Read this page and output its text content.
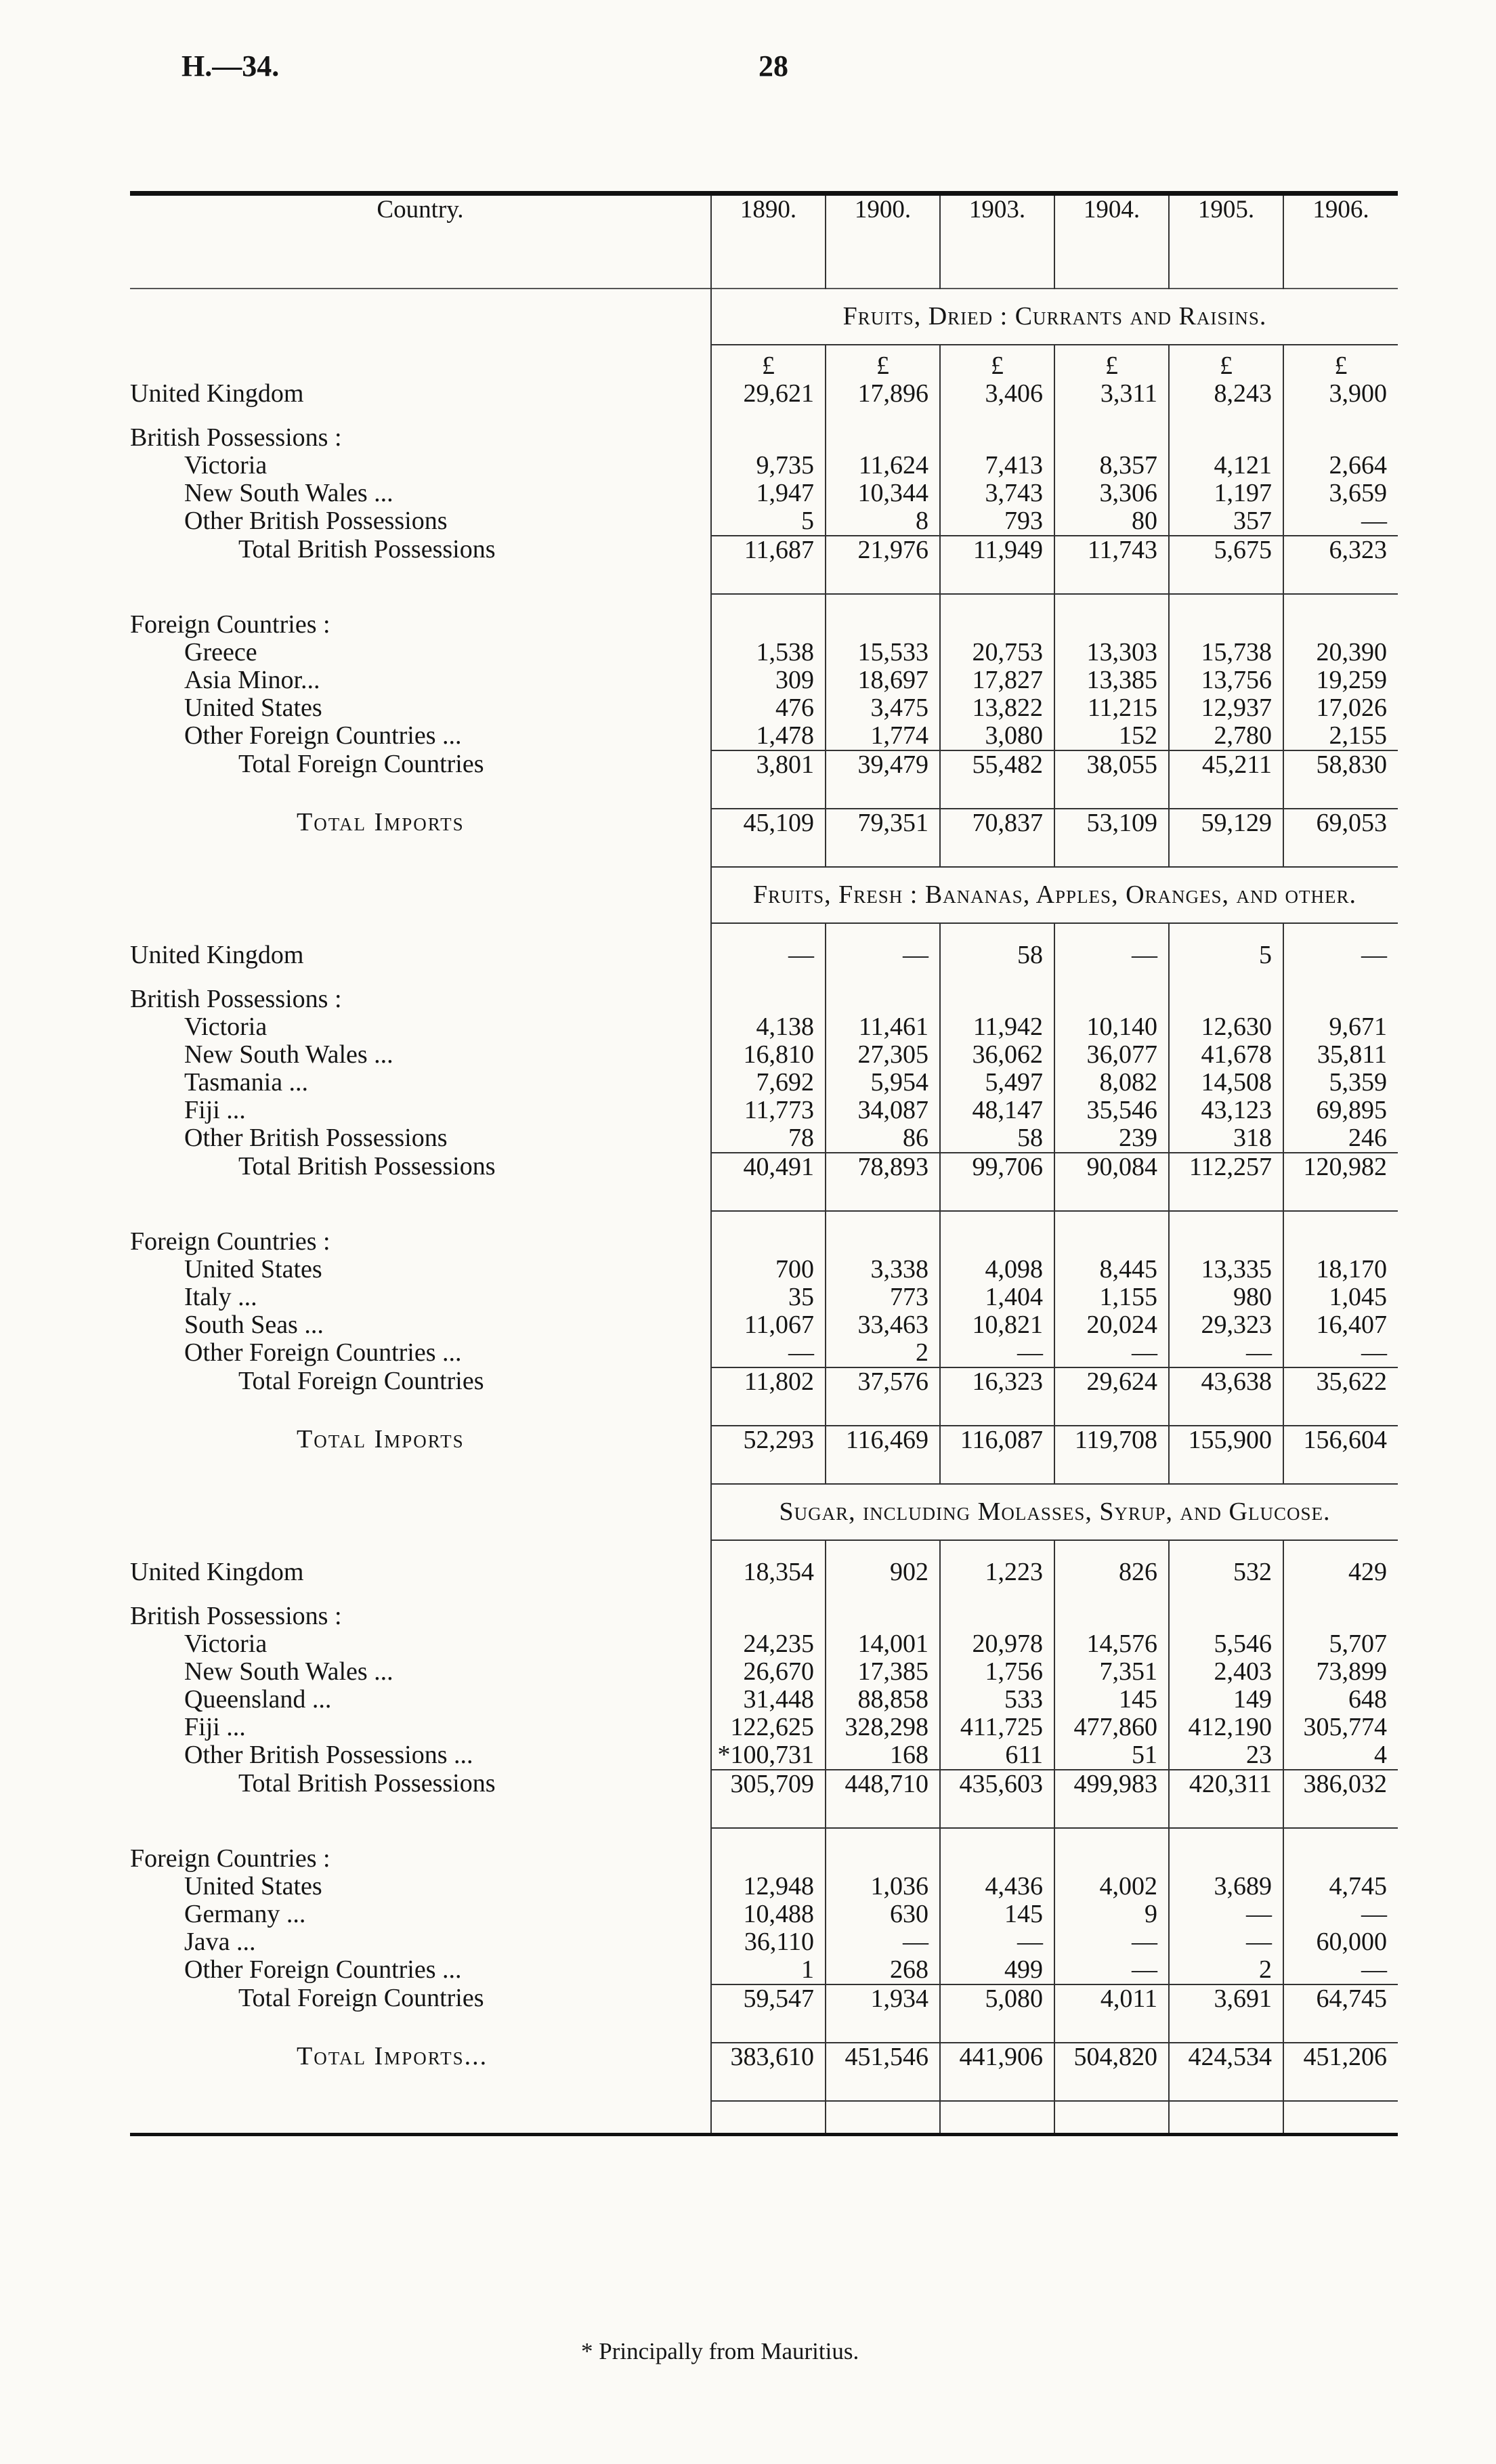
H.—34.	28
Country.	1890.	1900.	1903.	1904.	1905.	1906.
	Fruits, Dried : Currants and Raisins.					
	£	£	£	£	£	£
United Kingdom	29,621	17,896	3,406	3,311	8,243	3,900

British Possessions :						
Victoria	9,735	11,624	7,413	8,357	4,121	2,664
New South Wales ...	1,947	10,344	3,743	3,306	1,197	3,659
Other British Possessions	5	8	793	80	357	—
Total British Possessions	11,687	21,976	11,949	11,743	5,675	6,323

Foreign Countries :						
Greece	1,538	15,533	20,753	13,303	15,738	20,390
Asia Minor...	309	18,697	17,827	13,385	13,756	19,259
United States	476	3,475	13,822	11,215	12,937	17,026
Other Foreign Countries ...	1,478	1,774	3,080	152	2,780	2,155
Total Foreign Countries	3,801	39,479	55,482	38,055	45,211	58,830
Total Imports	45,109	79,351	70,837	53,109	59,129	69,053
	Fruits, Fresh : Bananas, Apples, Oranges, and other.					

United Kingdom	—	—	58	—	5	—

British Possessions :						
Victoria	4,138	11,461	11,942	10,140	12,630	9,671
New South Wales ...	16,810	27,305	36,062	36,077	41,678	35,811
Tasmania ...	7,692	5,954	5,497	8,082	14,508	5,359
Fiji ...	11,773	34,087	48,147	35,546	43,123	69,895
Other British Possessions	78	86	58	239	318	246
Total British Possessions	40,491	78,893	99,706	90,084	112,257	120,982

Foreign Countries :						
United States	700	3,338	4,098	8,445	13,335	18,170
Italy ...	35	773	1,404	1,155	980	1,045
South Seas ...	11,067	33,463	10,821	20,024	29,323	16,407
Other Foreign Countries ...	—	2	—	—	—	—
Total Foreign Countries	11,802	37,576	16,323	29,624	43,638	35,622
Total Imports	52,293	116,469	116,087	119,708	155,900	156,604
	Sugar, including Molasses, Syrup, and Glucose.					

United Kingdom	18,354	902	1,223	826	532	429

British Possessions :						
Victoria	24,235	14,001	20,978	14,576	5,546	5,707
New South Wales ...	26,670	17,385	1,756	7,351	2,403	73,899
Queensland ...	31,448	88,858	533	145	149	648
Fiji ...	122,625	328,298	411,725	477,860	412,190	305,774
Other British Possessions ...	*100,731	168	611	51	23	4
Total British Possessions	305,709	448,710	435,603	499,983	420,311	386,032

Foreign Countries :						
United States	12,948	1,036	4,436	4,002	3,689	4,745
Germany ...	10,488	630	145	9	—	—
Java ...	36,110	—	—	—	—	60,000
Other Foreign Countries ...	1	268	499	—	2	—
Total Foreign Countries	59,547	1,934	5,080	4,011	3,691	64,745
Total Imports...	383,610	451,546	441,906	504,820	424,534	451,206

* Principally from Mauritius.
